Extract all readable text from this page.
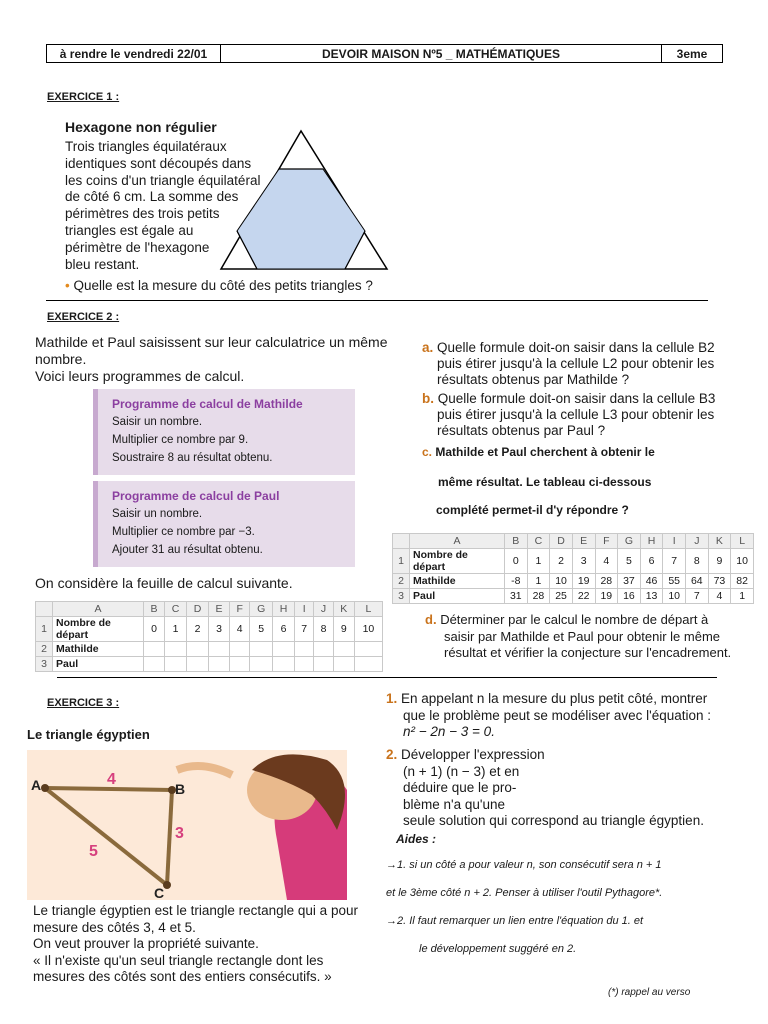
à rendre le vendredi 22/01	DEVOIR MAISON Nº5 _ MATHÉMATIQUES	3eme
EXERCICE 1 :
Hexagone non régulier
Trois triangles équilatéraux
identiques sont découpés dans
les coins d'un triangle équilatéral
de côté 6 cm. La somme des
périmètres des trois petits
triangles est égale au
périmètre de l'hexagone
bleu restant.
• Quelle est la mesure du côté des petits triangles ?
EXERCICE 2 :
Mathilde et Paul saisissent sur leur calculatrice un même
nombre.
Voici leurs programmes de calcul.
Programme de calcul de Mathilde
Saisir un nombre.
Multiplier ce nombre par 9.
Soustraire 8 au résultat obtenu.
Programme de calcul de Paul
Saisir un nombre.
Multiplier ce nombre par −3.
Ajouter 31 au résultat obtenu.
On considère la feuille de calcul suivante.
	A	B	C	D	E	F	G	H	I	J	K	L
1	Nombre de départ	0	1	2	3	4	5	6	7	8	9	10
2	Mathilde											
3	Paul											
a. Quelle formule doit-on saisir dans la cellule B2
puis étirer jusqu'à la cellule L2 pour obtenir les
résultats obtenus par Mathilde ?
b. Quelle formule doit-on saisir dans la cellule B3
puis étirer jusqu'à la cellule L3 pour obtenir les
résultats obtenus par Paul ?
c. Mathilde et Paul cherchent à obtenir le
même résultat. Le tableau ci-dessous
complété permet-il d'y répondre ?
	A	B	C	D	E	F	G	H	I	J	K	L
1	Nombre de départ	0	1	2	3	4	5	6	7	8	9	10
2	Mathilde	-8	1	10	19	28	37	46	55	64	73	82
3	Paul	31	28	25	22	19	16	13	10	7	4	1
d. Déterminer par le calcul le nombre de départ à
saisir par Mathilde et Paul pour obtenir le même
résultat et vérifier la conjecture sur l'encadrement.
EXERCICE 3 :
Le triangle égyptien
A	B
C
4
3
5
Le triangle égyptien est le triangle rectangle qui a pour
mesure des côtés 3, 4 et 5.
On veut prouver la propriété suivante.
« Il n'existe qu'un seul triangle rectangle dont les
mesures des côtés sont des entiers consécutifs. »
1. En appelant n la mesure du plus petit côté, montrer
que le problème peut se modéliser avec l'équation :
n² − 2n − 3 = 0.
2. Développer l'expression
(n + 1) (n − 3) et en
déduire que le pro-
blème n'a qu'une
seule solution qui correspond au triangle égyptien.
Aides :
→1. si un côté a pour valeur n, son consécutif sera n + 1
et le 3ème côté n + 2. Penser à utiliser l'outil Pythagore*.
→2. Il faut remarquer un lien entre l'équation du 1. et
le développement suggéré en 2.
(*) rappel au verso
